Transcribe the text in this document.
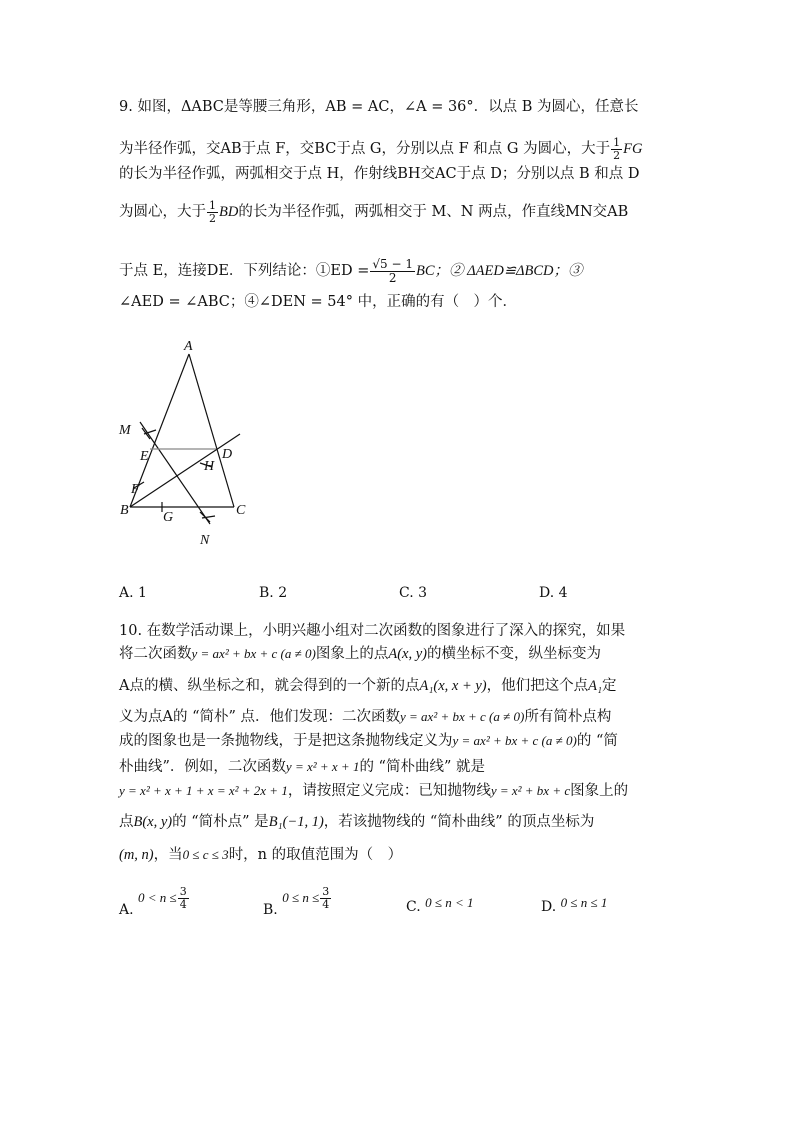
9. 如图，ΔABC是等腰三角形，AB = AC，∠A = 36°．以点 B 为圆心，任意长
为半径作弧，交AB于点 F，交BC于点 G，分别以点 F 和点 G 为圆心，大于 $\frac{1}{2}$ FG
的长为半径作弧，两弧相交于点 H，作射线BH交AC于点 D；分别以点 B 和点 D
为圆心，大于 $\frac{1}{2}$ BD的长为半径作弧，两弧相交于 M、N 两点，作直线MN交AB
于点 E，连接DE．下列结论：①ED = $\frac{√5 - 1}{2}$ BC；② ΔAED≌ΔBCD；③
∠AED = ∠ABC；④∠DEN = 54° 中，正确的有（　）个．
A
B	C
D
E
F
G
H
M
N
A. 1	B. 2	C. 3	D. 4
10. 在数学活动课上，小明兴趣小组对二次函数的图象进行了深入的探究，如果
将二次函数y = ax² + bx + c (a ≠ 0)图象上的点A(x, y)的横坐标不变，纵坐标变为
A点的横、纵坐标之和，就会得到的一个新的点A₁(x, x + y)，他们把这个点A₁定
义为点A的 “简朴” 点．他们发现：二次函数y = ax² + bx + c (a ≠ 0)所有简朴点构
成的图象也是一条抛物线，于是把这条抛物线定义为y = ax² + bx + c (a ≠ 0)的 “简
朴曲线”．例如，二次函数y = x² + x + 1的 “简朴曲线” 就是
y = x² + x + 1 + x = x² + 2x + 1，请按照定义完成：已知抛物线y = x² + bx + c图象上的
点B(x, y)的 “简朴点” 是B₁(−1, 1)，若该抛物线的 “简朴曲线” 的顶点坐标为
(m, n)，当0 ≤ c ≤ 3时，n 的取值范围为（　）
A. $0 < n \le \frac{3}{4}$	B. $0 \le n \le \frac{3}{4}$	C. 0 ≤ n < 1	D. 0 ≤ n ≤ 1
